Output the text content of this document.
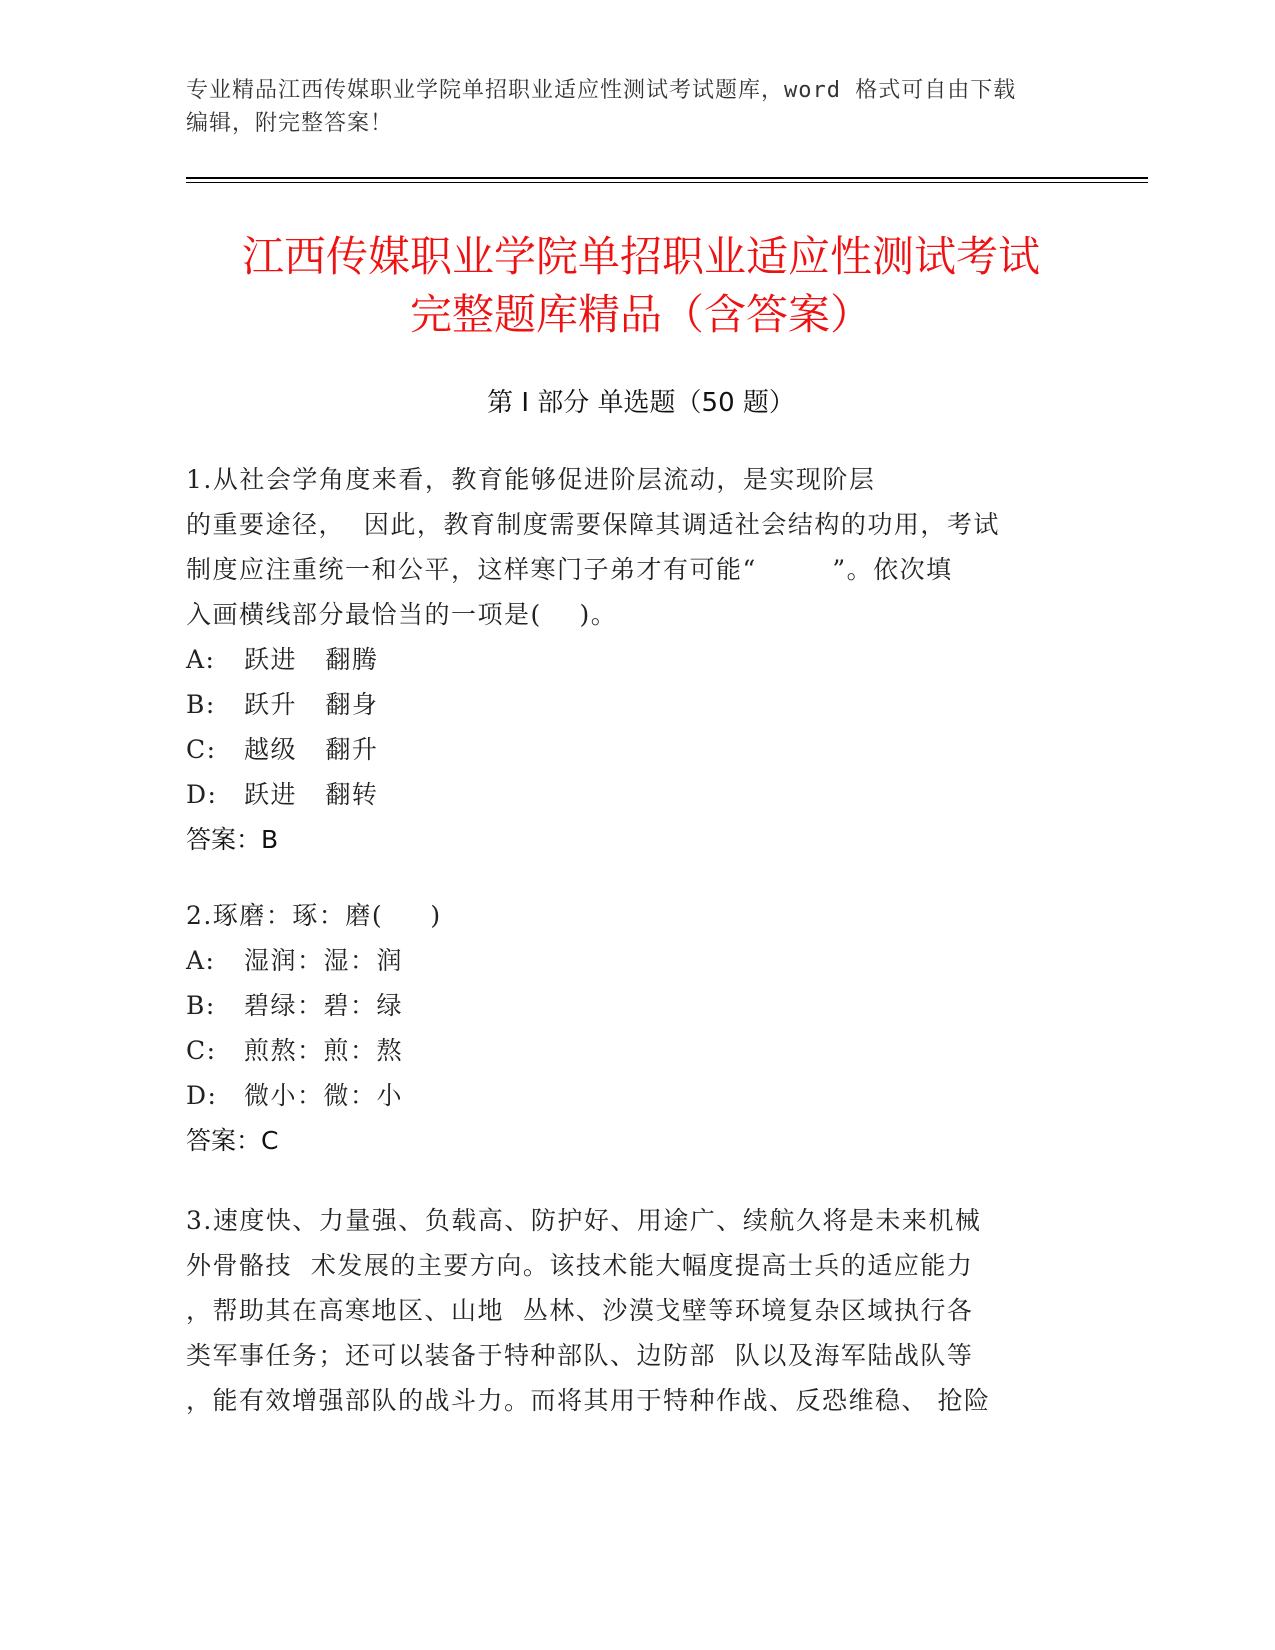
专业精品江西传媒职业学院单招职业适应性测试考试题库，word 格式可自由下载
编辑，附完整答案！
江西传媒职业学院单招职业适应性测试考试
完整题库精品（含答案）
第 I 部分 单选题（50 题）
1.从社会学角度来看，教育能够促进阶层流动，是实现阶层
的重要途径，  因此，教育制度需要保障其调适社会结构的功用，考试
制度应注重统一和公平，这样寒门子弟才有可能“        ”。依次填
入画横线部分最恰当的一项是(    )。
A: 跃进   翻腾
B: 跃升   翻身
C: 越级   翻升
D: 跃进   翻转
答案：B
2.琢磨：琢：磨(     )
A: 湿润：湿：润
B: 碧绿：碧：绿
C: 煎熬：煎：熬
D: 微小：微：小
答案：C
3.速度快、力量强、负载高、防护好、用途广、续航久将是未来机械
外骨骼技  术发展的主要方向。该技术能大幅度提高士兵的适应能力
，帮助其在高寒地区、山地  丛林、沙漠戈壁等环境复杂区域执行各
类军事任务；还可以装备于特种部队、边防部  队以及海军陆战队等
，能有效增强部队的战斗力。而将其用于特种作战、反恐维稳、 抢险
